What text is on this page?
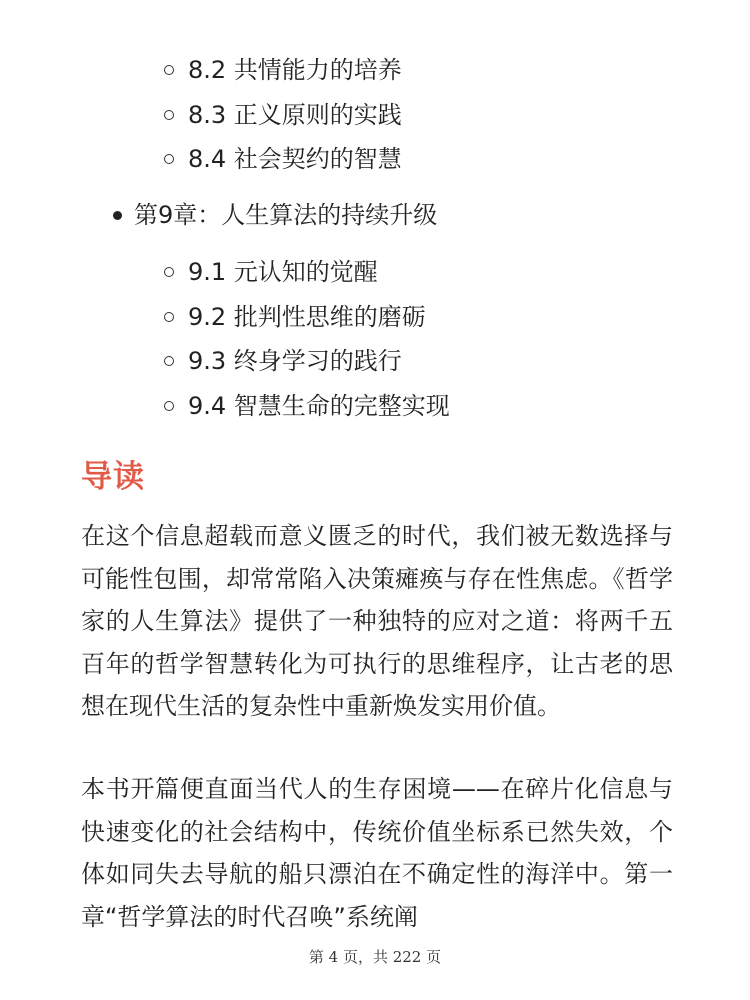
8.2 共情能力的培养
8.3 正义原则的实践
8.4 社会契约的智慧
第9章：人生算法的持续升级
9.1 元认知的觉醒
9.2 批判性思维的磨砺
9.3 终身学习的践行
9.4 智慧生命的完整实现
导读

在这个信息超载而意义匮乏的时代，我们被无数选择与可能性包围，却常常陷入决策瘫痪与存在性焦虑。《哲学家的人生算法》提供了一种独特的应对之道：将两千五百年的哲学智慧转化为可执行的思维程序，让古老的思想在现代生活的复杂性中重新焕发实用价值。

本书开篇便直面当代人的生存困境——在碎片化信息与快速变化的社会结构中，传统价值坐标系已然失效，个体如同失去导航的船只漂泊在不确定性的海洋中。第一章“哲学算法的时代召唤”系统阐

第 4 页，共 222 页
